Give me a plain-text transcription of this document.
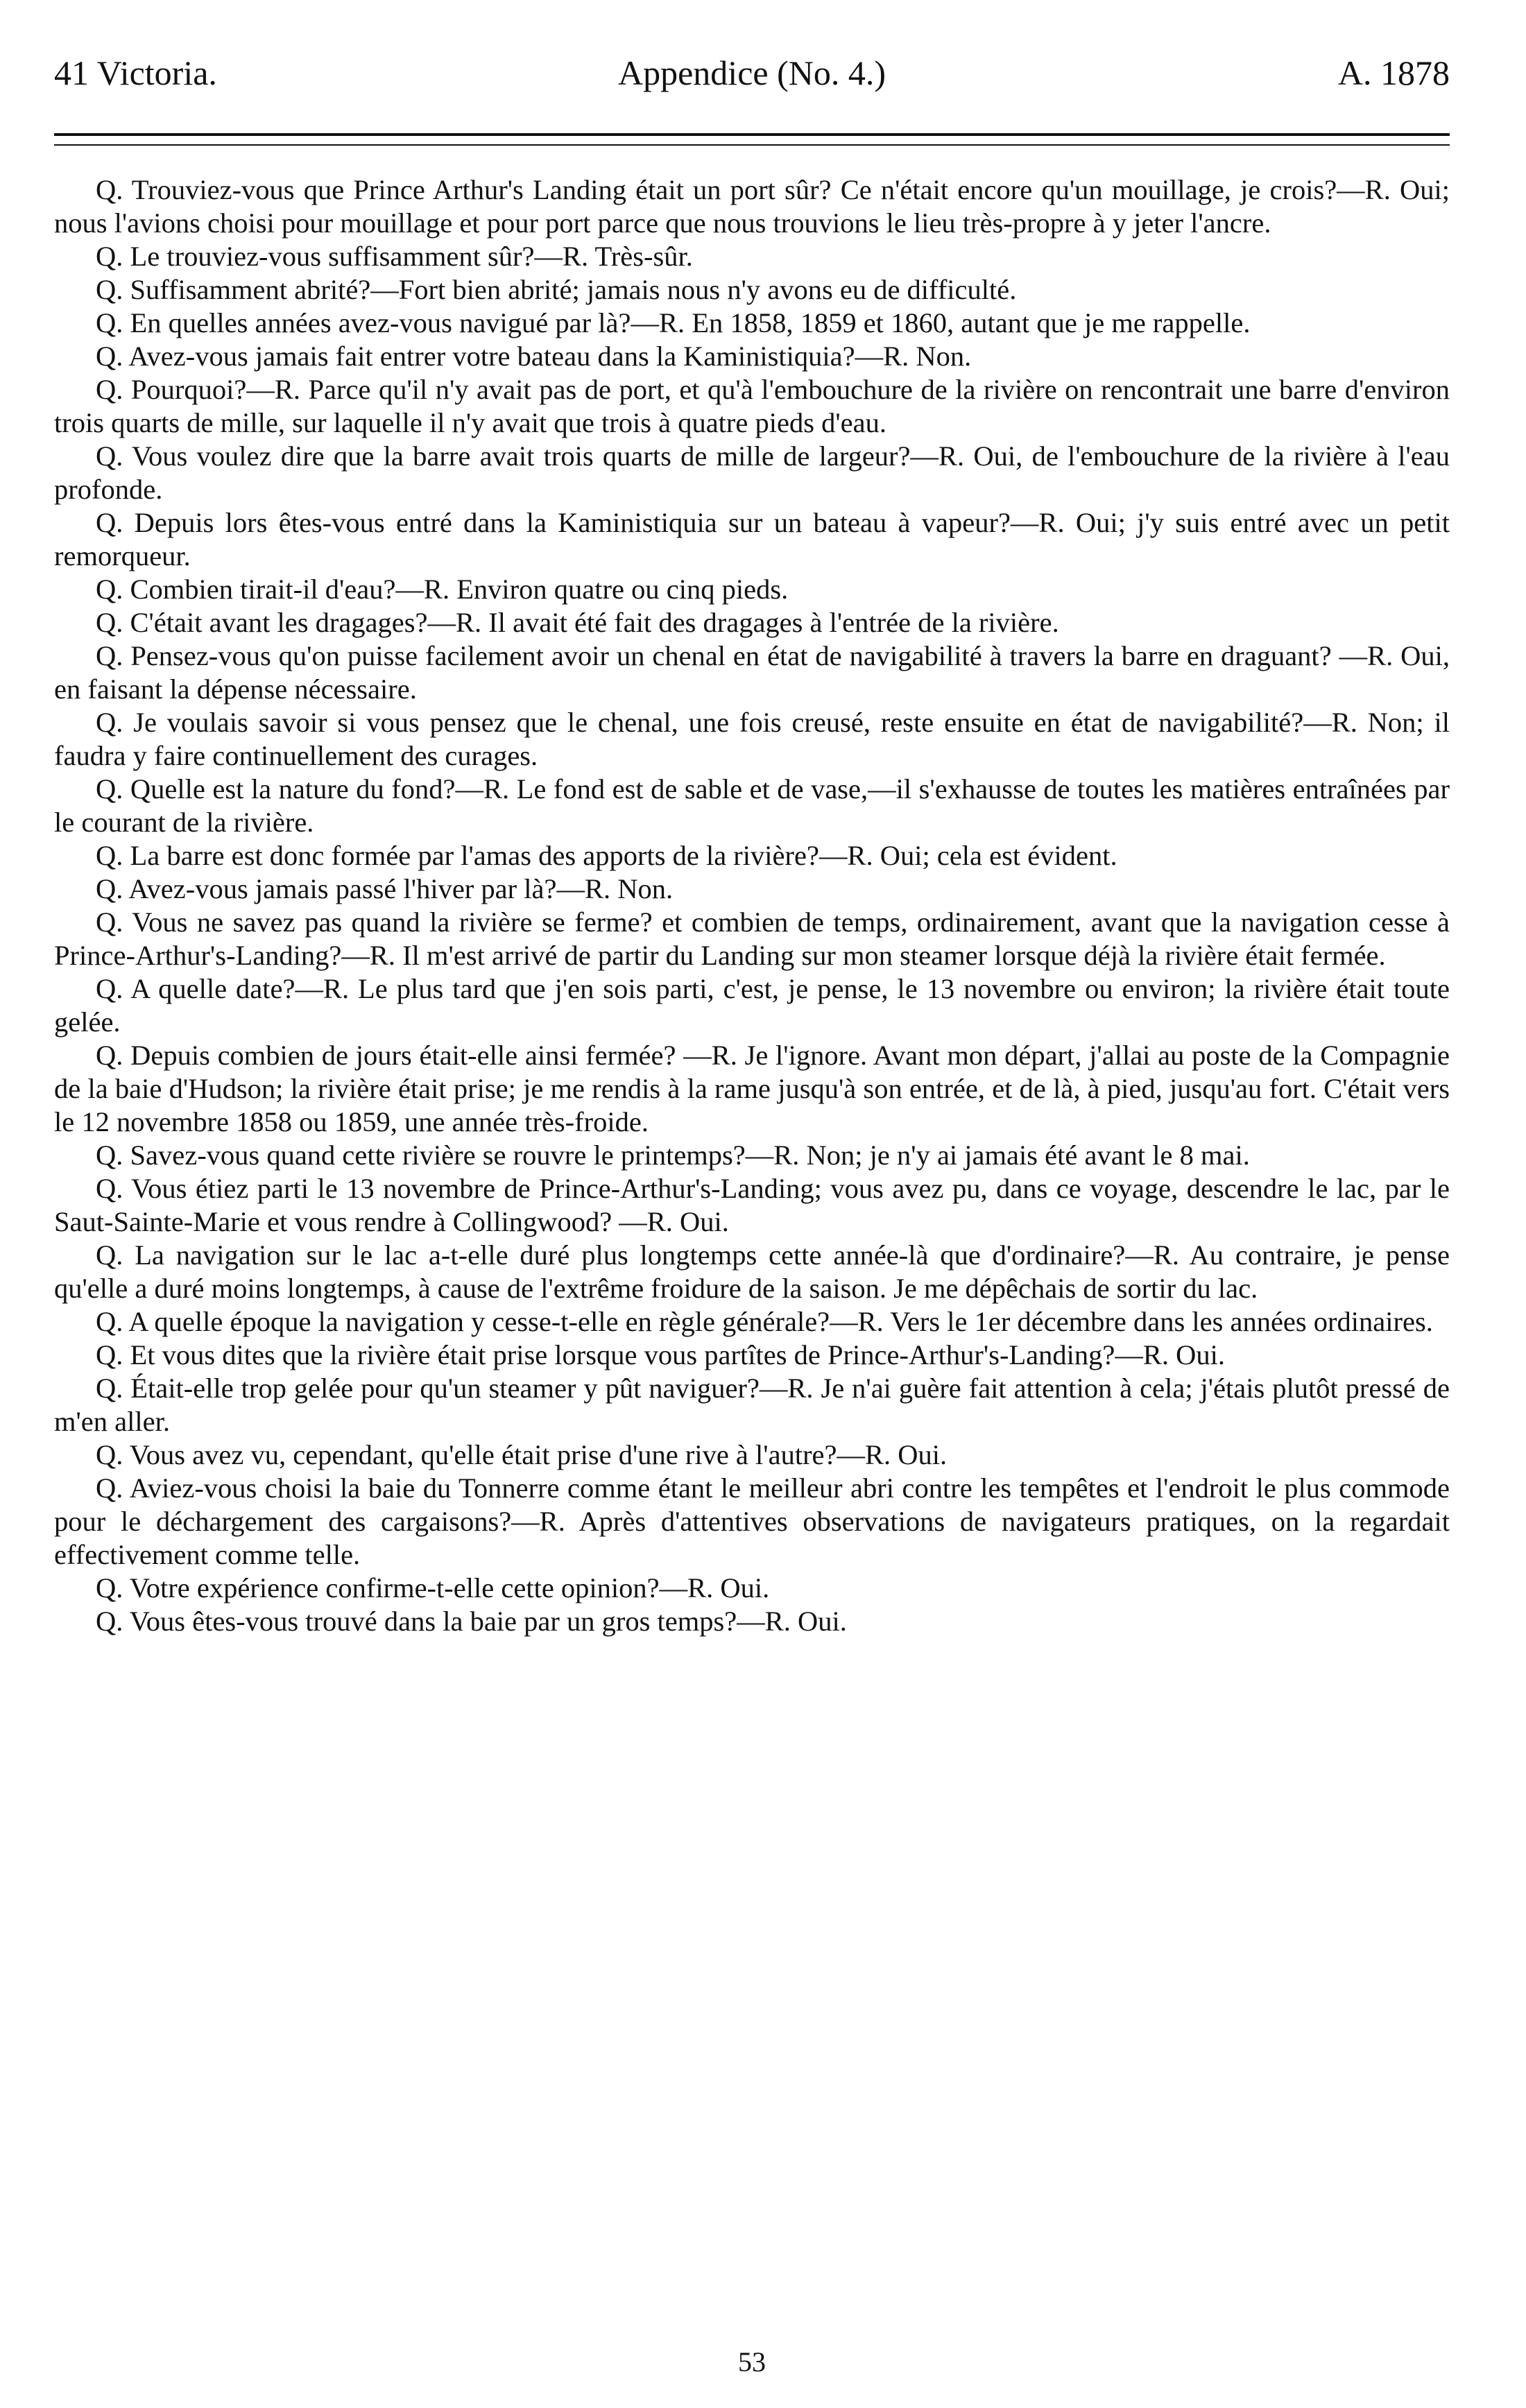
41 Victoria.	Appendice (No. 4.)	A. 1878

Q. Trouviez-vous que Prince Arthur's Landing était un port sûr? Ce n'était encore qu'un mouillage, je crois?—R. Oui; nous l'avions choisi pour mouillage et pour port parce que nous trouvions le lieu très-propre à y jeter l'ancre.

Q. Le trouviez-vous suffisamment sûr?—R. Très-sûr.

Q. Suffisamment abrité?—Fort bien abrité; jamais nous n'y avons eu de difficulté.

Q. En quelles années avez-vous navigué par là?—R. En 1858, 1859 et 1860, autant que je me rappelle.

Q. Avez-vous jamais fait entrer votre bateau dans la Kaministiquia?—R. Non.

Q. Pourquoi?—R. Parce qu'il n'y avait pas de port, et qu'à l'embouchure de la rivière on rencontrait une barre d'environ trois quarts de mille, sur laquelle il n'y avait que trois à quatre pieds d'eau.

Q. Vous voulez dire que la barre avait trois quarts de mille de largeur?—R. Oui, de l'embouchure de la rivière à l'eau profonde.

Q. Depuis lors êtes-vous entré dans la Kaministiquia sur un bateau à vapeur?—R. Oui; j'y suis entré avec un petit remorqueur.

Q. Combien tirait-il d'eau?—R. Environ quatre ou cinq pieds.

Q. C'était avant les dragages?—R. Il avait été fait des dragages à l'entrée de la rivière.

Q. Pensez-vous qu'on puisse facilement avoir un chenal en état de navigabilité à travers la barre en draguant? —R. Oui, en faisant la dépense nécessaire.

Q. Je voulais savoir si vous pensez que le chenal, une fois creusé, reste ensuite en état de navigabilité?—R. Non; il faudra y faire continuellement des curages.

Q. Quelle est la nature du fond?—R. Le fond est de sable et de vase,—il s'exhausse de toutes les matières entraînées par le courant de la rivière.

Q. La barre est donc formée par l'amas des apports de la rivière?—R. Oui; cela est évident.

Q. Avez-vous jamais passé l'hiver par là?—R. Non.

Q. Vous ne savez pas quand la rivière se ferme? et combien de temps, ordinairement, avant que la navigation cesse à Prince-Arthur's-Landing?—R. Il m'est arrivé de partir du Landing sur mon steamer lorsque déjà la rivière était fermée.

Q. A quelle date?—R. Le plus tard que j'en sois parti, c'est, je pense, le 13 novembre ou environ; la rivière était toute gelée.

Q. Depuis combien de jours était-elle ainsi fermée? —R. Je l'ignore. Avant mon départ, j'allai au poste de la Compagnie de la baie d'Hudson; la rivière était prise; je me rendis à la rame jusqu'à son entrée, et de là, à pied, jusqu'au fort. C'était vers le 12 novembre 1858 ou 1859, une année très-froide.

Q. Savez-vous quand cette rivière se rouvre le printemps?—R. Non; je n'y ai jamais été avant le 8 mai.

Q. Vous étiez parti le 13 novembre de Prince-Arthur's-Landing; vous avez pu, dans ce voyage, descendre le lac, par le Saut-Sainte-Marie et vous rendre à Collingwood? —R. Oui.

Q. La navigation sur le lac a-t-elle duré plus longtemps cette année-là que d'ordinaire?—R. Au contraire, je pense qu'elle a duré moins longtemps, à cause de l'extrême froidure de la saison. Je me dépêchais de sortir du lac.

Q. A quelle époque la navigation y cesse-t-elle en règle générale?—R. Vers le 1er décembre dans les années ordinaires.

Q. Et vous dites que la rivière était prise lorsque vous partîtes de Prince-Arthur's-Landing?—R. Oui.

Q. Était-elle trop gelée pour qu'un steamer y pût naviguer?—R. Je n'ai guère fait attention à cela; j'étais plutôt pressé de m'en aller.

Q. Vous avez vu, cependant, qu'elle était prise d'une rive à l'autre?—R. Oui.

Q. Aviez-vous choisi la baie du Tonnerre comme étant le meilleur abri contre les tempêtes et l'endroit le plus commode pour le déchargement des cargaisons?—R. Après d'attentives observations de navigateurs pratiques, on la regardait effectivement comme telle.

Q. Votre expérience confirme-t-elle cette opinion?—R. Oui.

Q. Vous êtes-vous trouvé dans la baie par un gros temps?—R. Oui.

53
